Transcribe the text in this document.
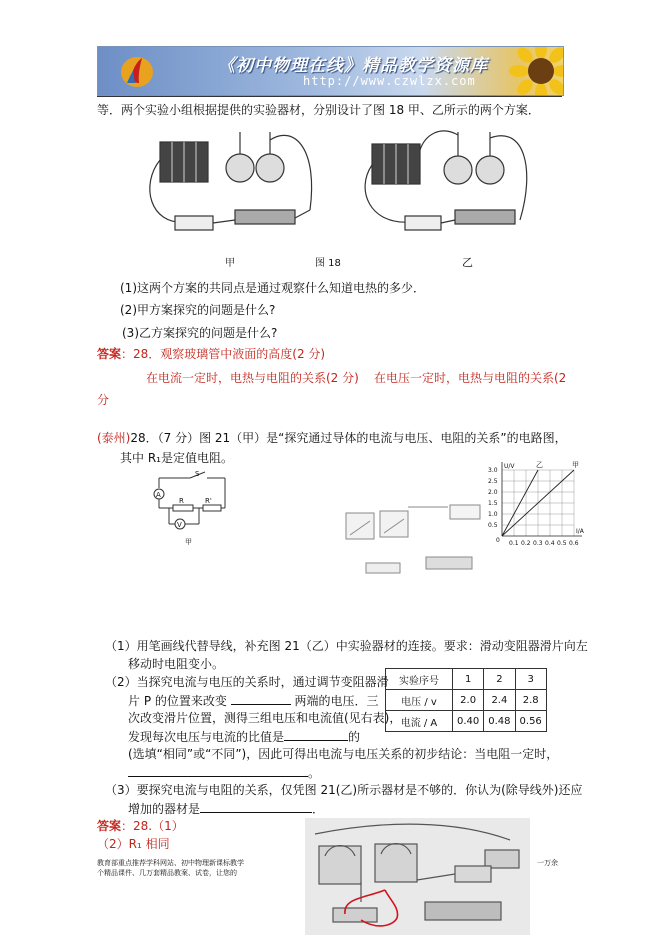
《初中物理在线》精品教学资源库
http://www.czwlzx.com
等．两个实验小组根据提供的实验器材，分别设计了图 18 甲、乙所示的两个方案．
甲	图 18	乙
(1)这两个方案的共同点是通过观察什么知道电热的多少．
(2)甲方案探究的问题是什么?
(3)乙方案探究的问题是什么?
答案：28．观察玻璃管中液面的高度(2 分)
在电流一定时，电热与电阻的关系(2 分) 在电压一定时，电热与电阻的关系(2
分
(泰州)28．（7 分）图 21（甲）是“探究通过导体的电流与电压、电阻的关系”的电路图，
其中 R₁是定值电阻。
S
A
R	R'
V
甲
乙	甲
0.1 0.2 0.3 0.4 0.5 0.6
0.5
1.0
1.5
2.0
2.5
3.0
0
I/A
U/V
实验序号	1	2	3
电压 / v	2.0	2.4	2.8
电流 / A	0.40	0.48	0.56
（1）用笔画线代替导线，补充图 21（乙）中实验器材的连接。要求：滑动变阻器滑片向左
移动时电阻变小。
（2）当探究电流与电压的关系时，通过调节变阻器滑
片 P 的位置来改变	两端的电压．三
次改变滑片位置，测得三组电压和电流值(见右表)，
发现每次电压与电流的比值是	的
(选填“相同”或“不同”)，因此可得出电流与电压关系的初步结论：当电阻一定时，
。
（3）要探究电流与电阻的关系，仅凭图 21(乙)所示器材是不够的．你认为(除导线外)还应
增加的器材是	．
答案：28.（1）
（2）R₁ 相同
教育部重点推荐学科网站、初中物理新课标教学	一万余
个精品课件、几万套精品教案、试卷，让您的
